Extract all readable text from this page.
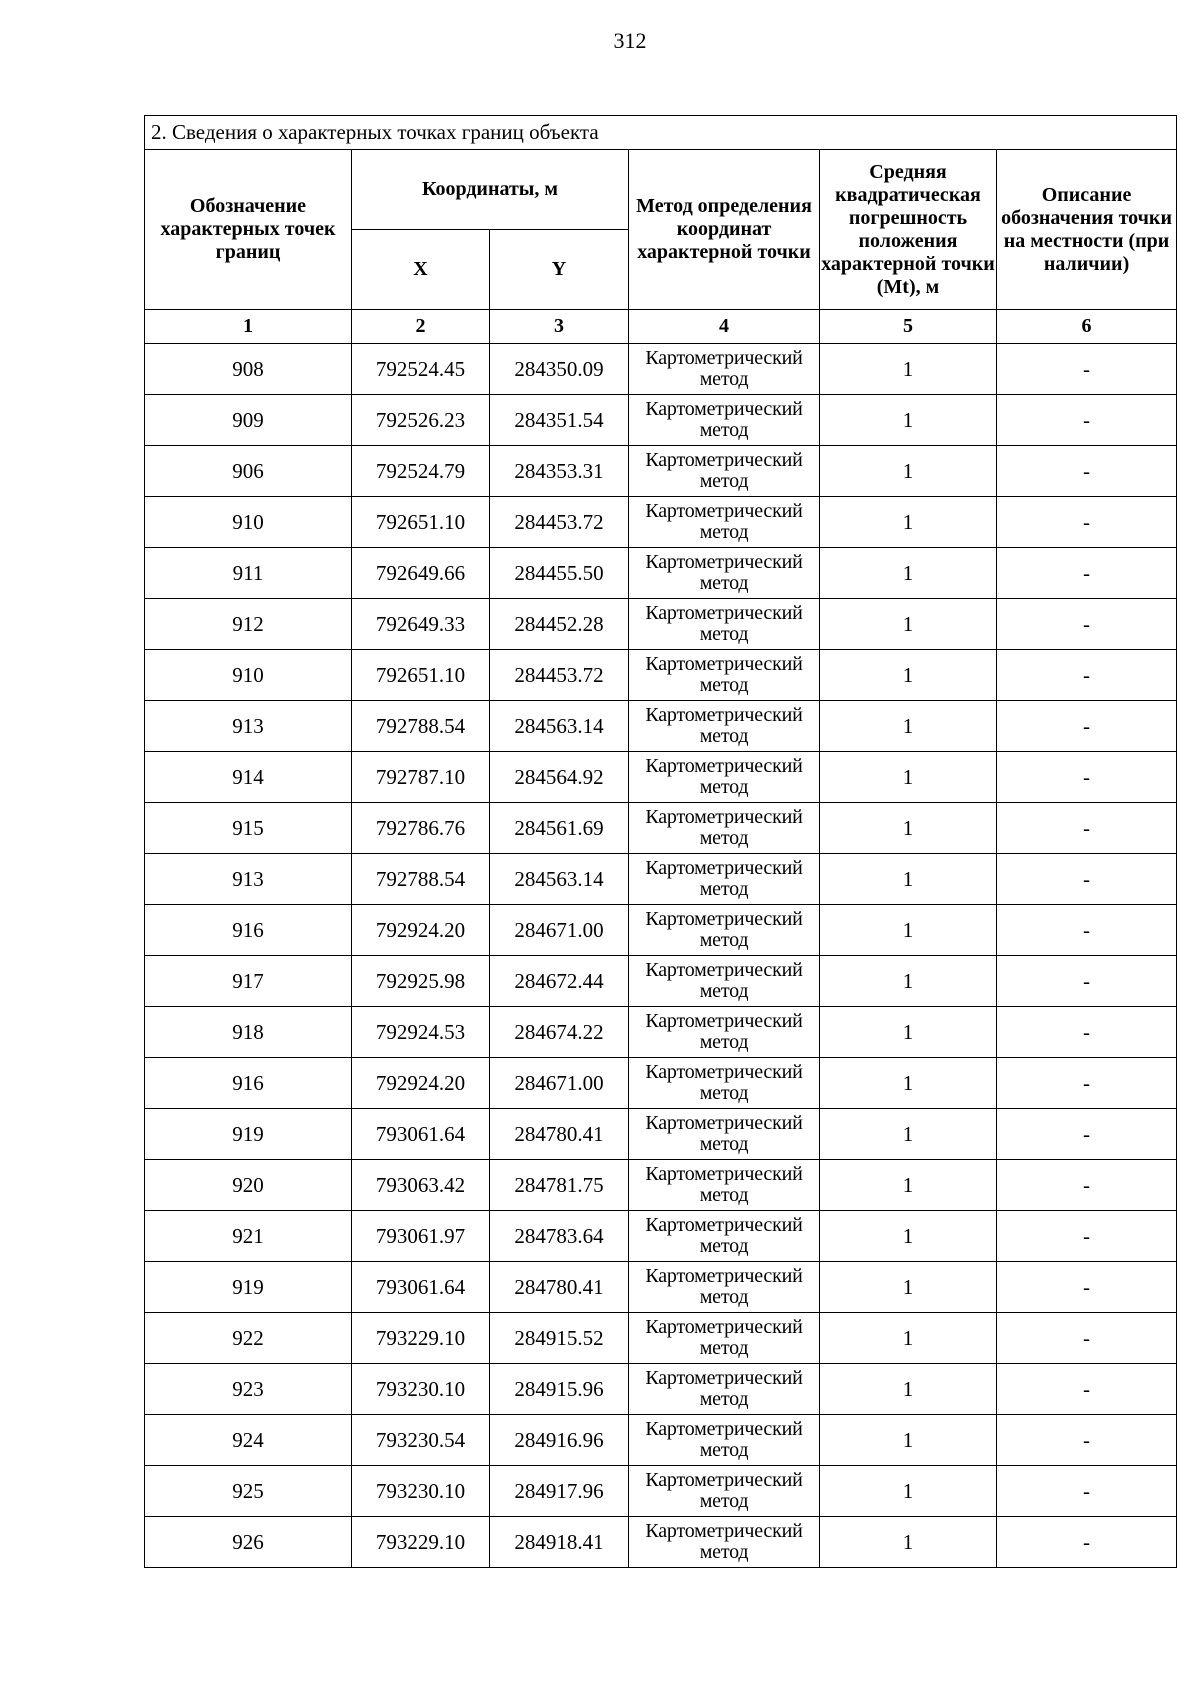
312
2. Сведения о характерных точках границ объекта					
Обозначение характерных точек границ	Координаты, м		Метод определения координат характерной точки	Средняя квадратическая погрешность положения характерной точки (Mt), м	Описание обозначения точки на местности (при наличии)
	X	Y			
1	2	3	4	5	6
908	792524.45	284350.09	Картометрический метод	1	-
909	792526.23	284351.54	Картометрический метод	1	-
906	792524.79	284353.31	Картометрический метод	1	-
910	792651.10	284453.72	Картометрический метод	1	-
911	792649.66	284455.50	Картометрический метод	1	-
912	792649.33	284452.28	Картометрический метод	1	-
910	792651.10	284453.72	Картометрический метод	1	-
913	792788.54	284563.14	Картометрический метод	1	-
914	792787.10	284564.92	Картометрический метод	1	-
915	792786.76	284561.69	Картометрический метод	1	-
913	792788.54	284563.14	Картометрический метод	1	-
916	792924.20	284671.00	Картометрический метод	1	-
917	792925.98	284672.44	Картометрический метод	1	-
918	792924.53	284674.22	Картометрический метод	1	-
916	792924.20	284671.00	Картометрический метод	1	-
919	793061.64	284780.41	Картометрический метод	1	-
920	793063.42	284781.75	Картометрический метод	1	-
921	793061.97	284783.64	Картометрический метод	1	-
919	793061.64	284780.41	Картометрический метод	1	-
922	793229.10	284915.52	Картометрический метод	1	-
923	793230.10	284915.96	Картометрический метод	1	-
924	793230.54	284916.96	Картометрический метод	1	-
925	793230.10	284917.96	Картометрический метод	1	-
926	793229.10	284918.41	Картометрический метод	1	-
